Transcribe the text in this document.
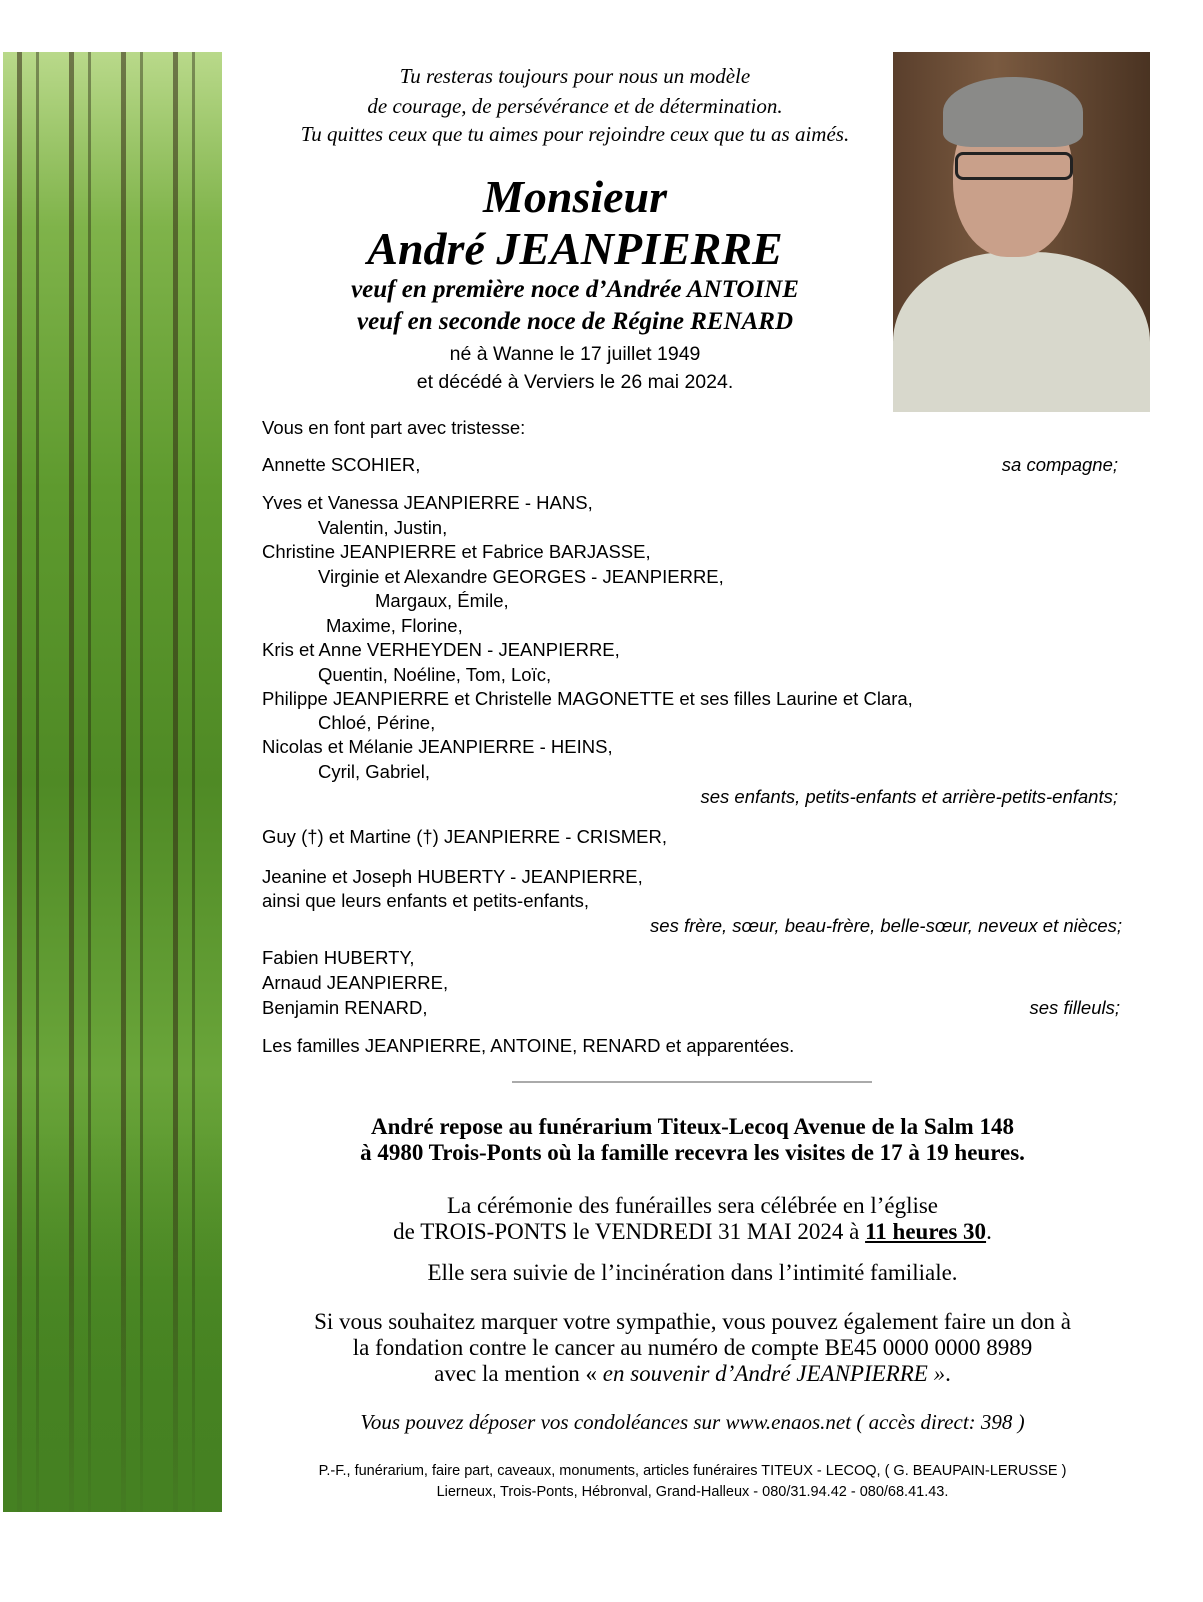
Tu resteras toujours pour nous un modèle
de courage, de persévérance et de détermination.
Tu quittes ceux que tu aimes pour rejoindre ceux que tu as aimés.
Monsieur
André JEANPIERRE
veuf en première noce d’Andrée ANTOINE
veuf en seconde noce de Régine RENARD
né à Wanne le 17 juillet 1949
et décédé à Verviers le 26 mai 2024.
Vous en font part avec tristesse:
Annette SCOHIER,	sa compagne;
Yves et Vanessa JEANPIERRE - HANS,
Valentin, Justin,
Christine JEANPIERRE et Fabrice BARJASSE,
Virginie et Alexandre GEORGES - JEANPIERRE,
Margaux, Émile,
Maxime, Florine,
Kris et Anne VERHEYDEN - JEANPIERRE,
Quentin, Noéline, Tom, Loïc,
Philippe JEANPIERRE et Christelle MAGONETTE et ses filles Laurine et Clara,
Chloé, Périne,
Nicolas et Mélanie JEANPIERRE - HEINS,
Cyril, Gabriel,
ses enfants, petits-enfants et arrière-petits-enfants;
Guy (†) et Martine (†) JEANPIERRE - CRISMER,
Jeanine et Joseph HUBERTY - JEANPIERRE,
ainsi que leurs enfants et petits-enfants,
ses frère, sœur, beau-frère, belle-sœur, neveux et nièces;
Fabien HUBERTY,
Arnaud JEANPIERRE,
Benjamin RENARD,	ses filleuls;
Les familles JEANPIERRE, ANTOINE, RENARD et apparentées.
André repose au funérarium Titeux-Lecoq Avenue de la Salm 148
à 4980 Trois-Ponts où la famille recevra les visites de 17 à 19 heures.
La cérémonie des funérailles sera célébrée en l’église
de TROIS-PONTS le VENDREDI 31 MAI 2024 à 11 heures 30.
Elle sera suivie de l’incinération dans l’intimité familiale.
Si vous souhaitez marquer votre sympathie, vous pouvez également faire un don à
la fondation contre le cancer au numéro de compte BE45 0000 0000 8989
avec la mention « en souvenir d’André JEANPIERRE ».
Vous pouvez déposer vos condoléances sur www.enaos.net ( accès direct: 398 )
P.-F., funérarium, faire part, caveaux, monuments, articles funéraires TITEUX - LECOQ, ( G. BEAUPAIN-LERUSSE )
Lierneux, Trois-Ponts, Hébronval, Grand-Halleux - 080/31.94.42 - 080/68.41.43.
